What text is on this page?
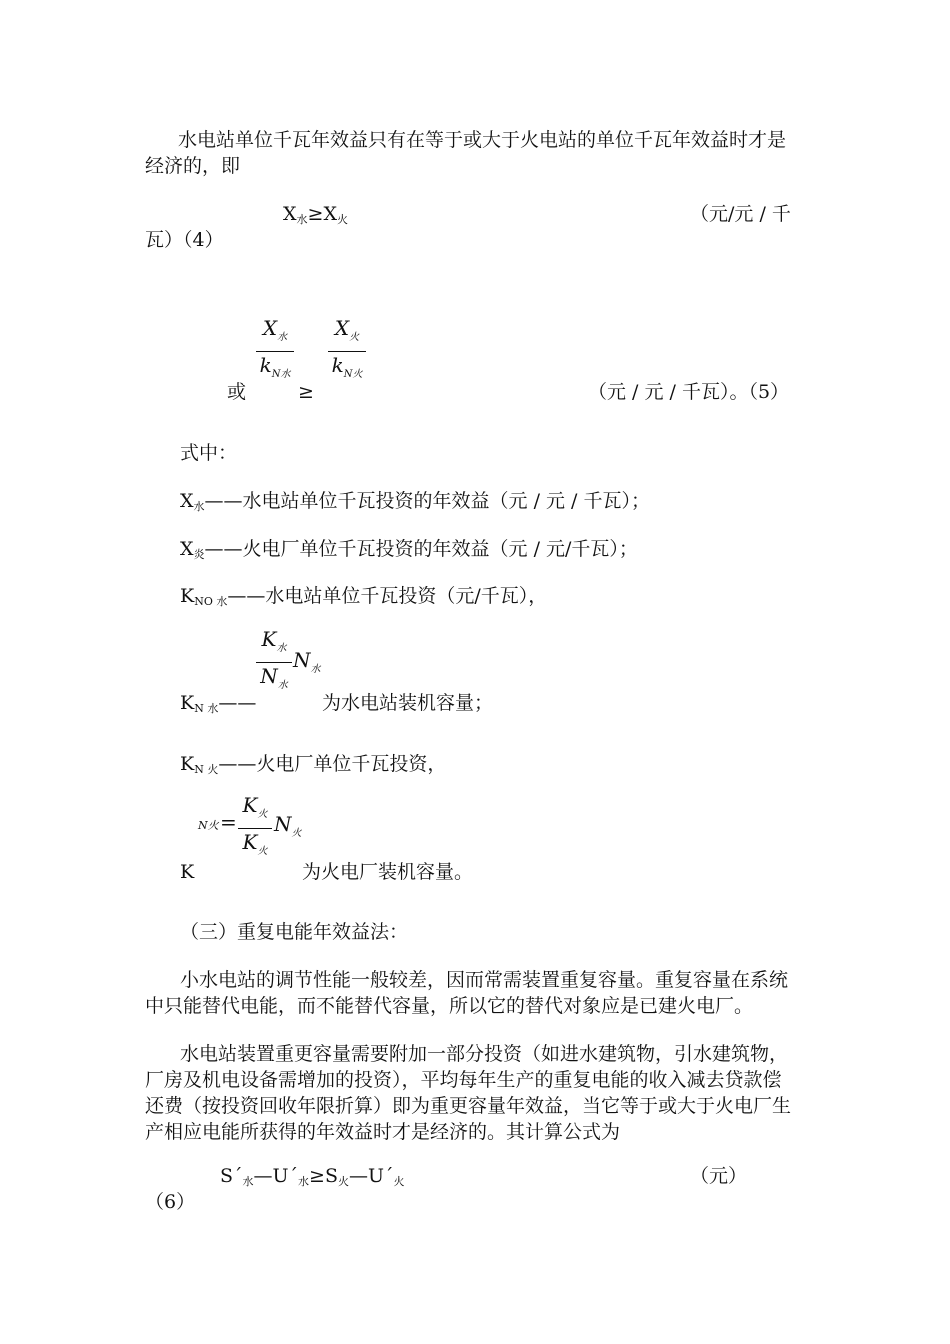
水电站单位千瓦年效益只有在等于或大于火电站的单位千瓦年效益时才是
经济的，即
X水≥X火	（元/元 / 千
瓦）（4）
$X_水$
$k_{N水}$
$X_火$
$k_{N火}$
或	≥	（元 / 元 / 千瓦）。（5）
式中：
X水——水电站单位千瓦投资的年效益（元 / 元 / 千瓦）；
X炎——火电厂单位千瓦投资的年效益（元 / 元/千瓦）；
KNO 水——水电站单位千瓦投资（元/千瓦），
$K_水$
$N_水$
$N_水$
KN 水——	为水电站装机容量；
KN 火——火电厂单位千瓦投资，
N火 =
$K_火$
$K_火$
$N_火$
K	为火电厂装机容量。
（三）重复电能年效益法：
小水电站的调节性能一般较差，因而常需装置重复容量。重复容量在系统
中只能替代电能，而不能替代容量，所以它的替代对象应是已建火电厂。
水电站装置重更容量需要附加一部分投资（如进水建筑物，引水建筑物，
厂房及机电设备需增加的投资），平均每年生产的重复电能的收入减去贷款偿
还费（按投资回收年限折算）即为重更容量年效益，当它等于或大于火电厂生
产相应电能所获得的年效益时才是经济的。其计算公式为
S´水—U´水≥S火—U´火	（元）
（6）
